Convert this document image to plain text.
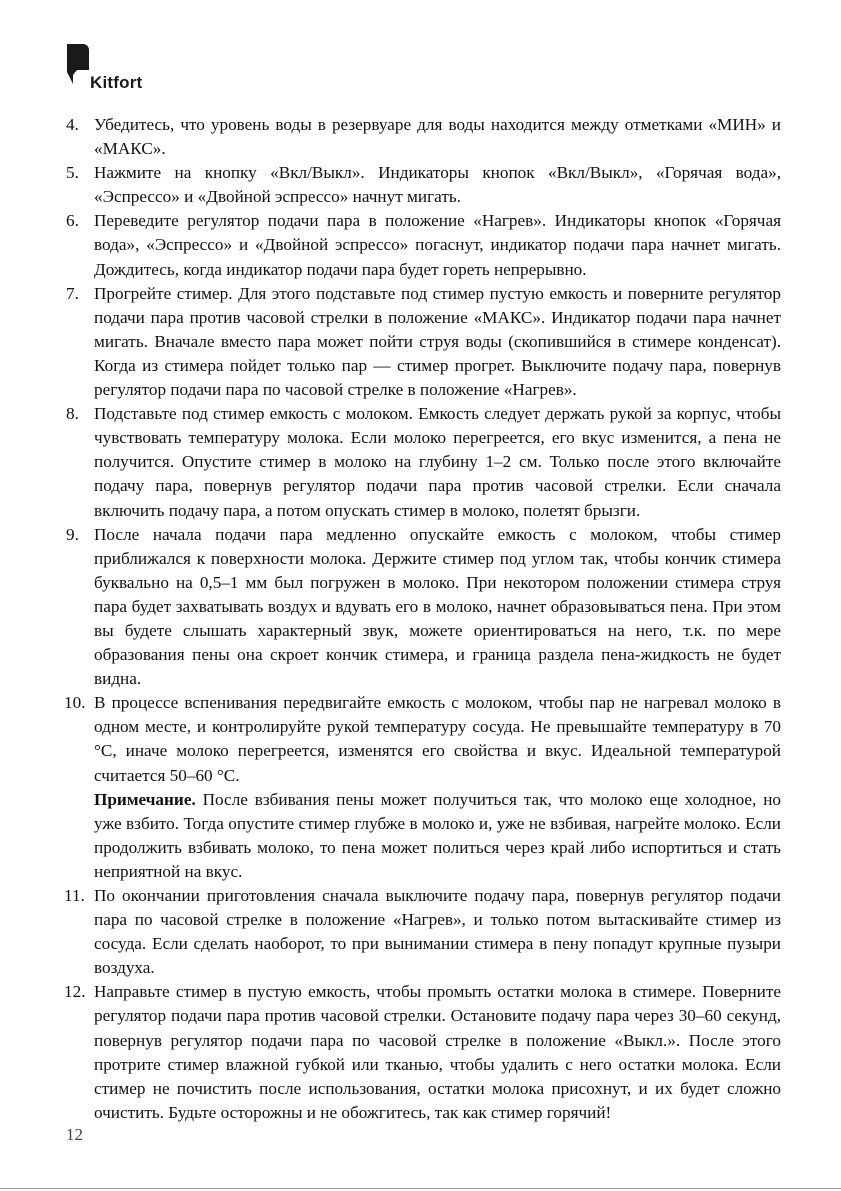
Kitfort

4. Убедитесь, что уровень воды в резервуаре для воды находится между отметками «МИН» и «МАКС».

5. Нажмите на кнопку «Вкл/Выкл». Индикаторы кнопок «Вкл/Выкл», «Горячая вода», «Эспрессо» и «Двойной эспрессо» начнут мигать.

6. Переведите регулятор подачи пара в положение «Нагрев». Индикаторы кнопок «Горячая вода», «Эспрессо» и «Двойной эспрессо» погаснут, индикатор подачи пара начнет мигать. Дождитесь, когда индикатор подачи пара будет гореть непрерывно.

7. Прогрейте стимер. Для этого подставьте под стимер пустую емкость и поверните регулятор подачи пара против часовой стрелки в положение «МАКС». Индикатор подачи пара начнет мигать. Вначале вместо пара может пойти струя воды (скопившийся в стимере конденсат). Когда из стимера пойдет только пар — стимер прогрет. Выключите подачу пара, повернув регулятор подачи пара по часовой стрелке в положение «Нагрев».

8. Подставьте под стимер емкость с молоком. Емкость следует держать рукой за корпус, чтобы чувствовать температуру молока. Если молоко перегреется, его вкус изменится, а пена не получится. Опустите стимер в молоко на глубину 1–2 см. Только после этого включайте подачу пара, повернув регулятор подачи пара против часовой стрелки. Если сначала включить подачу пара, а потом опускать стимер в молоко, полетят брызги.

9. После начала подачи пара медленно опускайте емкость с молоком, чтобы стимер приближался к поверхности молока. Держите стимер под углом так, чтобы кончик стимера буквально на 0,5–1 мм был погружен в молоко. При некотором положении стимера струя пара будет захватывать воздух и вдувать его в молоко, начнет образовываться пена. При этом вы будете слышать характерный звук, можете ориентироваться на него, т.к. по мере образования пены она скроет кончик стимера, и граница раздела пена-жидкость не будет видна.

10. В процессе вспенивания передвигайте емкость с молоком, чтобы пар не нагревал молоко в одном месте, и контролируйте рукой температуру сосуда. Не превышайте температуру в 70 °C, иначе молоко перегреется, изменятся его свойства и вкус. Идеальной температурой считается 50–60 °C.

Примечание. После взбивания пены может получиться так, что молоко еще холодное, но уже взбито. Тогда опустите стимер глубже в молоко и, уже не взбивая, нагрейте молоко. Если продолжить взбивать молоко, то пена может политься через край либо испортиться и стать неприятной на вкус.

11. По окончании приготовления сначала выключите подачу пара, повернув регулятор подачи пара по часовой стрелке в положение «Нагрев», и только потом вытаскивайте стимер из сосуда. Если сделать наоборот, то при вынимании стимера в пену попадут крупные пузыри воздуха.

12. Направьте стимер в пустую емкость, чтобы промыть остатки молока в стимере. Поверните регулятор подачи пара против часовой стрелки. Остановите подачу пара через 30–60 секунд, повернув регулятор подачи пара по часовой стрелке в положение «Выкл.». После этого протрите стимер влажной губкой или тканью, чтобы удалить с него остатки молока. Если стимер не почистить после использования, остатки молока присохнут, и их будет сложно очистить. Будьте осторожны и не обожгитесь, так как стимер горячий!

12
